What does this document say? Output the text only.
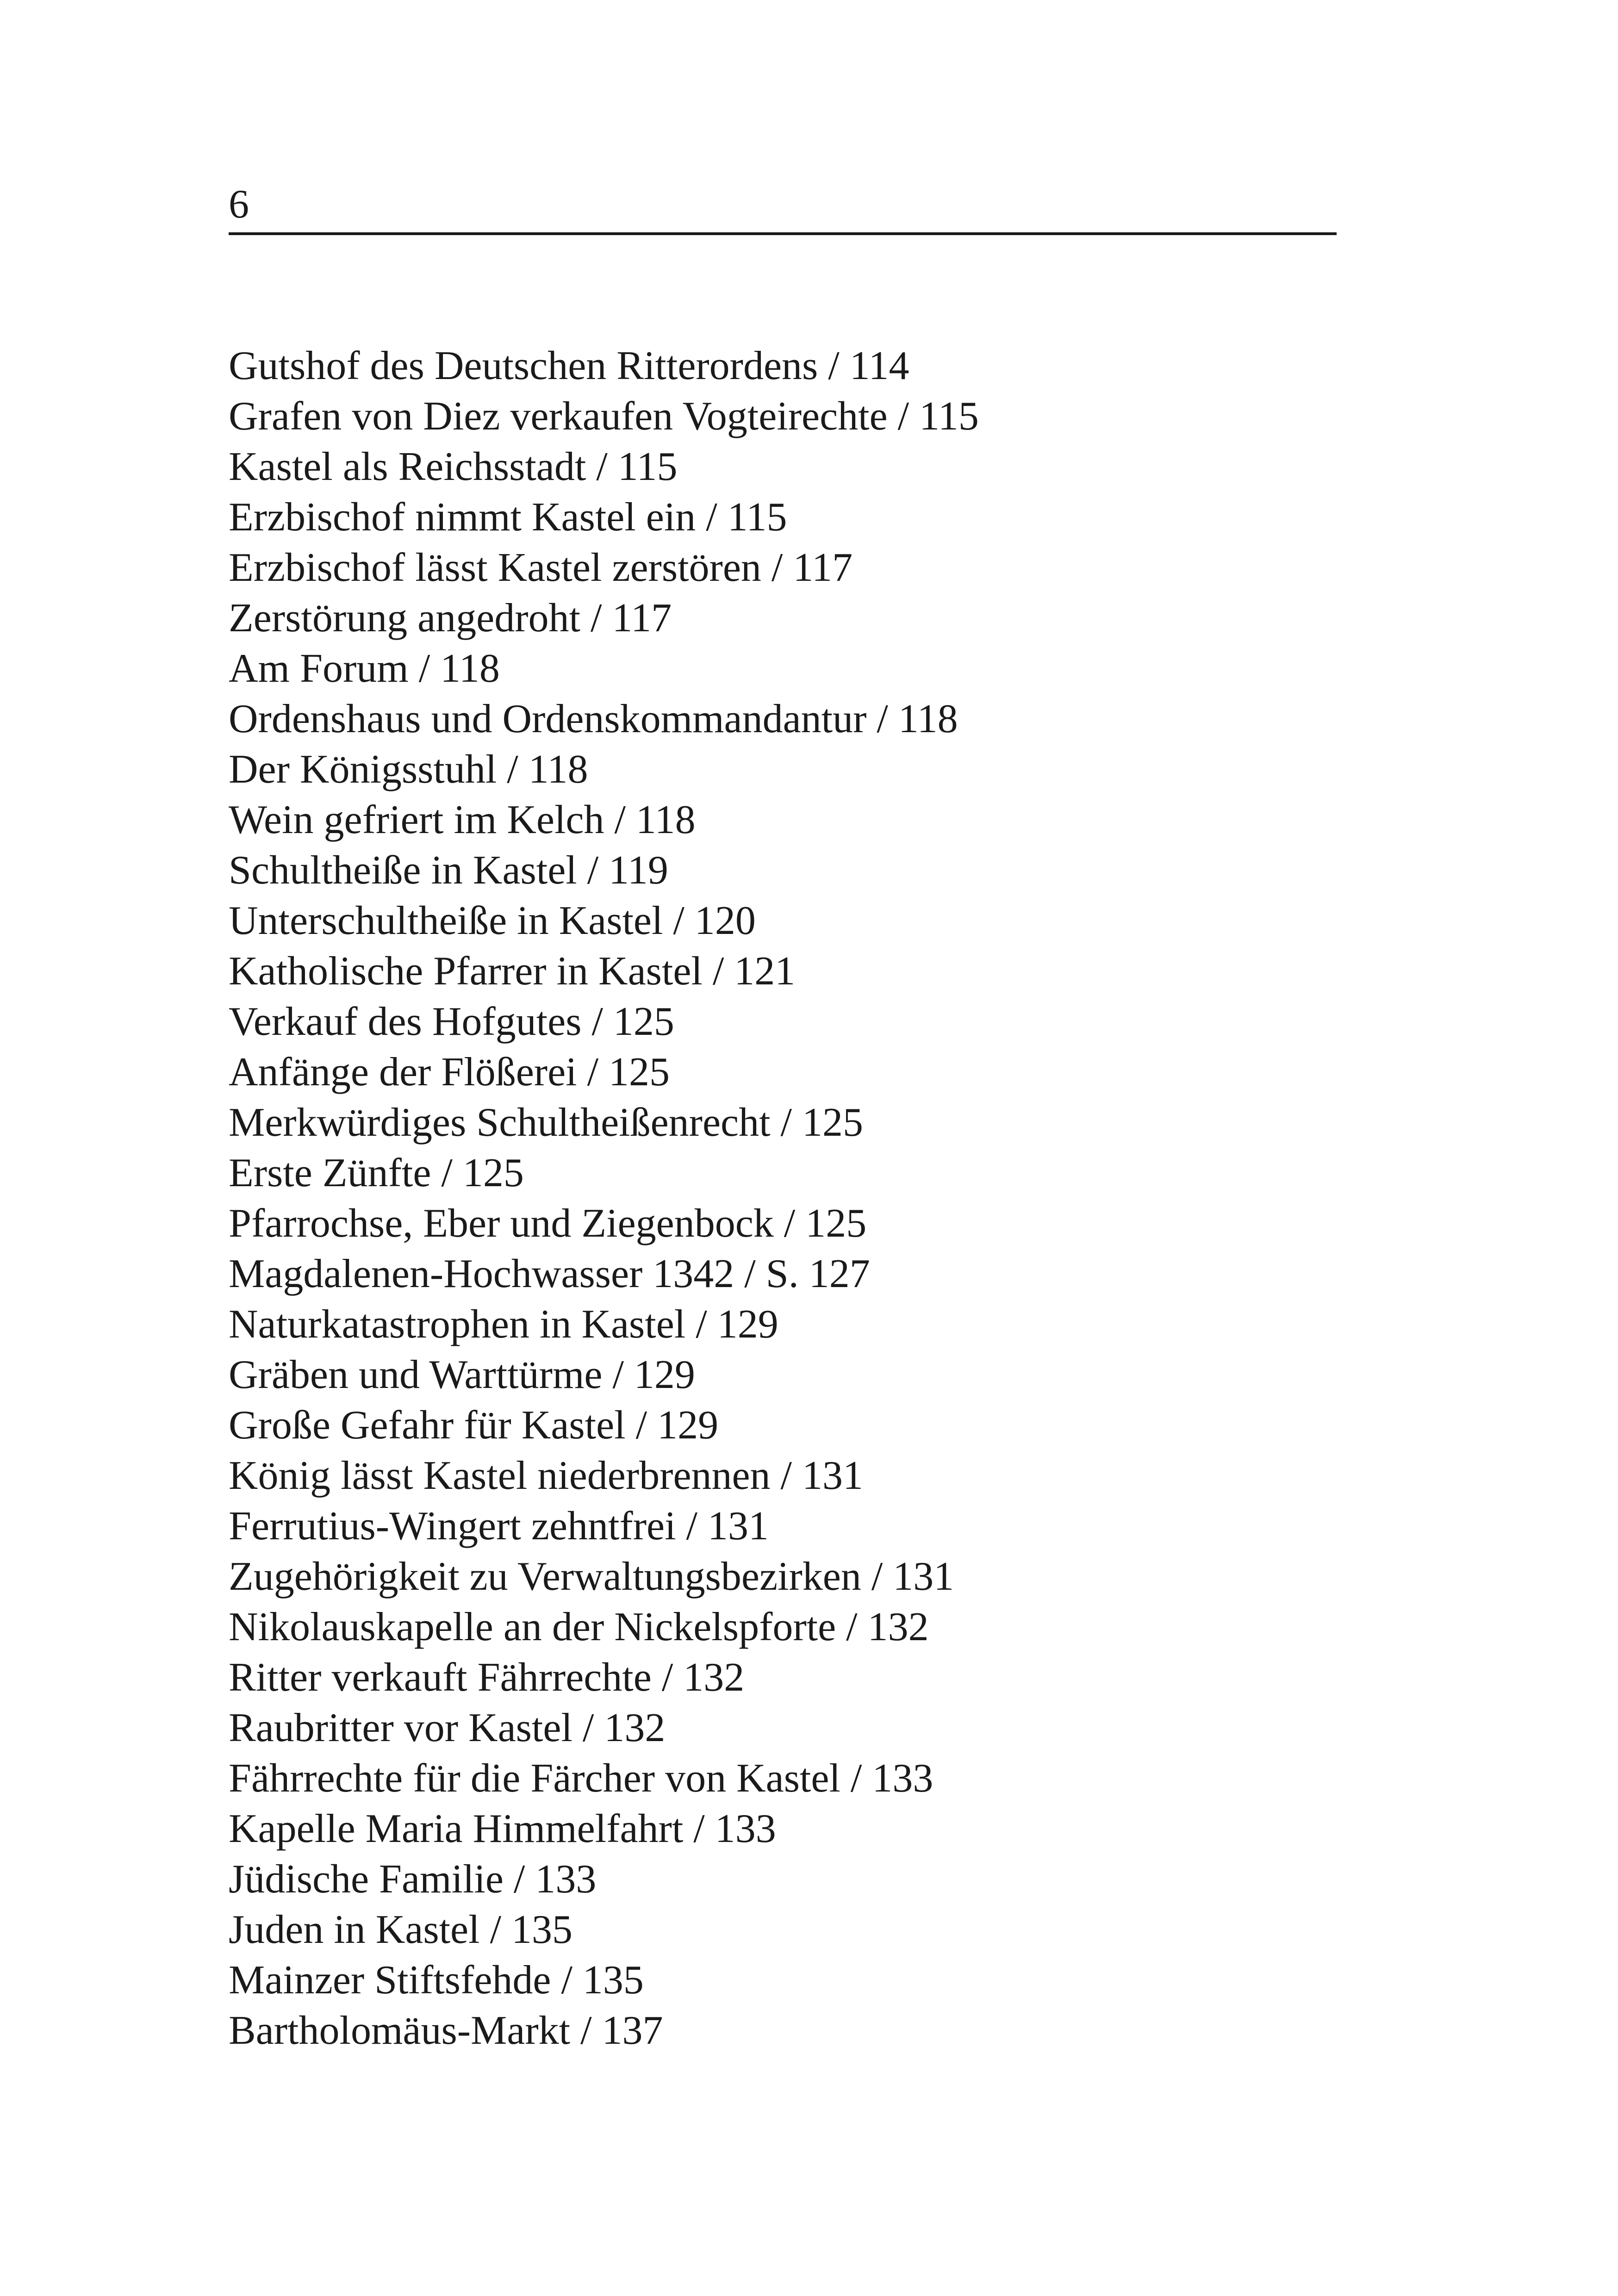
6
Gutshof des Deutschen Ritterordens / 114
Grafen von Diez verkaufen Vogteirechte / 115
Kastel als Reichsstadt / 115
Erzbischof nimmt Kastel ein / 115
Erzbischof lässt Kastel zerstören / 117
Zerstörung angedroht / 117
Am Forum / 118
Ordenshaus und Ordenskommandantur / 118
Der Königsstuhl / 118
Wein gefriert im Kelch / 118
Schultheiße in Kastel / 119
Unterschultheiße in Kastel / 120
Katholische Pfarrer in Kastel / 121
Verkauf des Hofgutes / 125
Anfänge der Flößerei / 125
Merkwürdiges Schultheißenrecht / 125
Erste Zünfte / 125
Pfarrochse, Eber und Ziegenbock / 125
Magdalenen-Hochwasser 1342 / S. 127
Naturkatastrophen in Kastel / 129
Gräben und Warttürme / 129
Große Gefahr für Kastel / 129
König lässt Kastel niederbrennen / 131
Ferrutius-Wingert zehntfrei / 131
Zugehörigkeit zu Verwaltungsbezirken / 131
Nikolauskapelle an der Nickelspforte / 132
Ritter verkauft Fährrechte / 132
Raubritter vor Kastel / 132
Fährrechte für die Färcher von Kastel / 133
Kapelle Maria Himmelfahrt / 133
Jüdische Familie / 133
Juden in Kastel / 135
Mainzer Stiftsfehde / 135
Bartholomäus-Markt / 137
